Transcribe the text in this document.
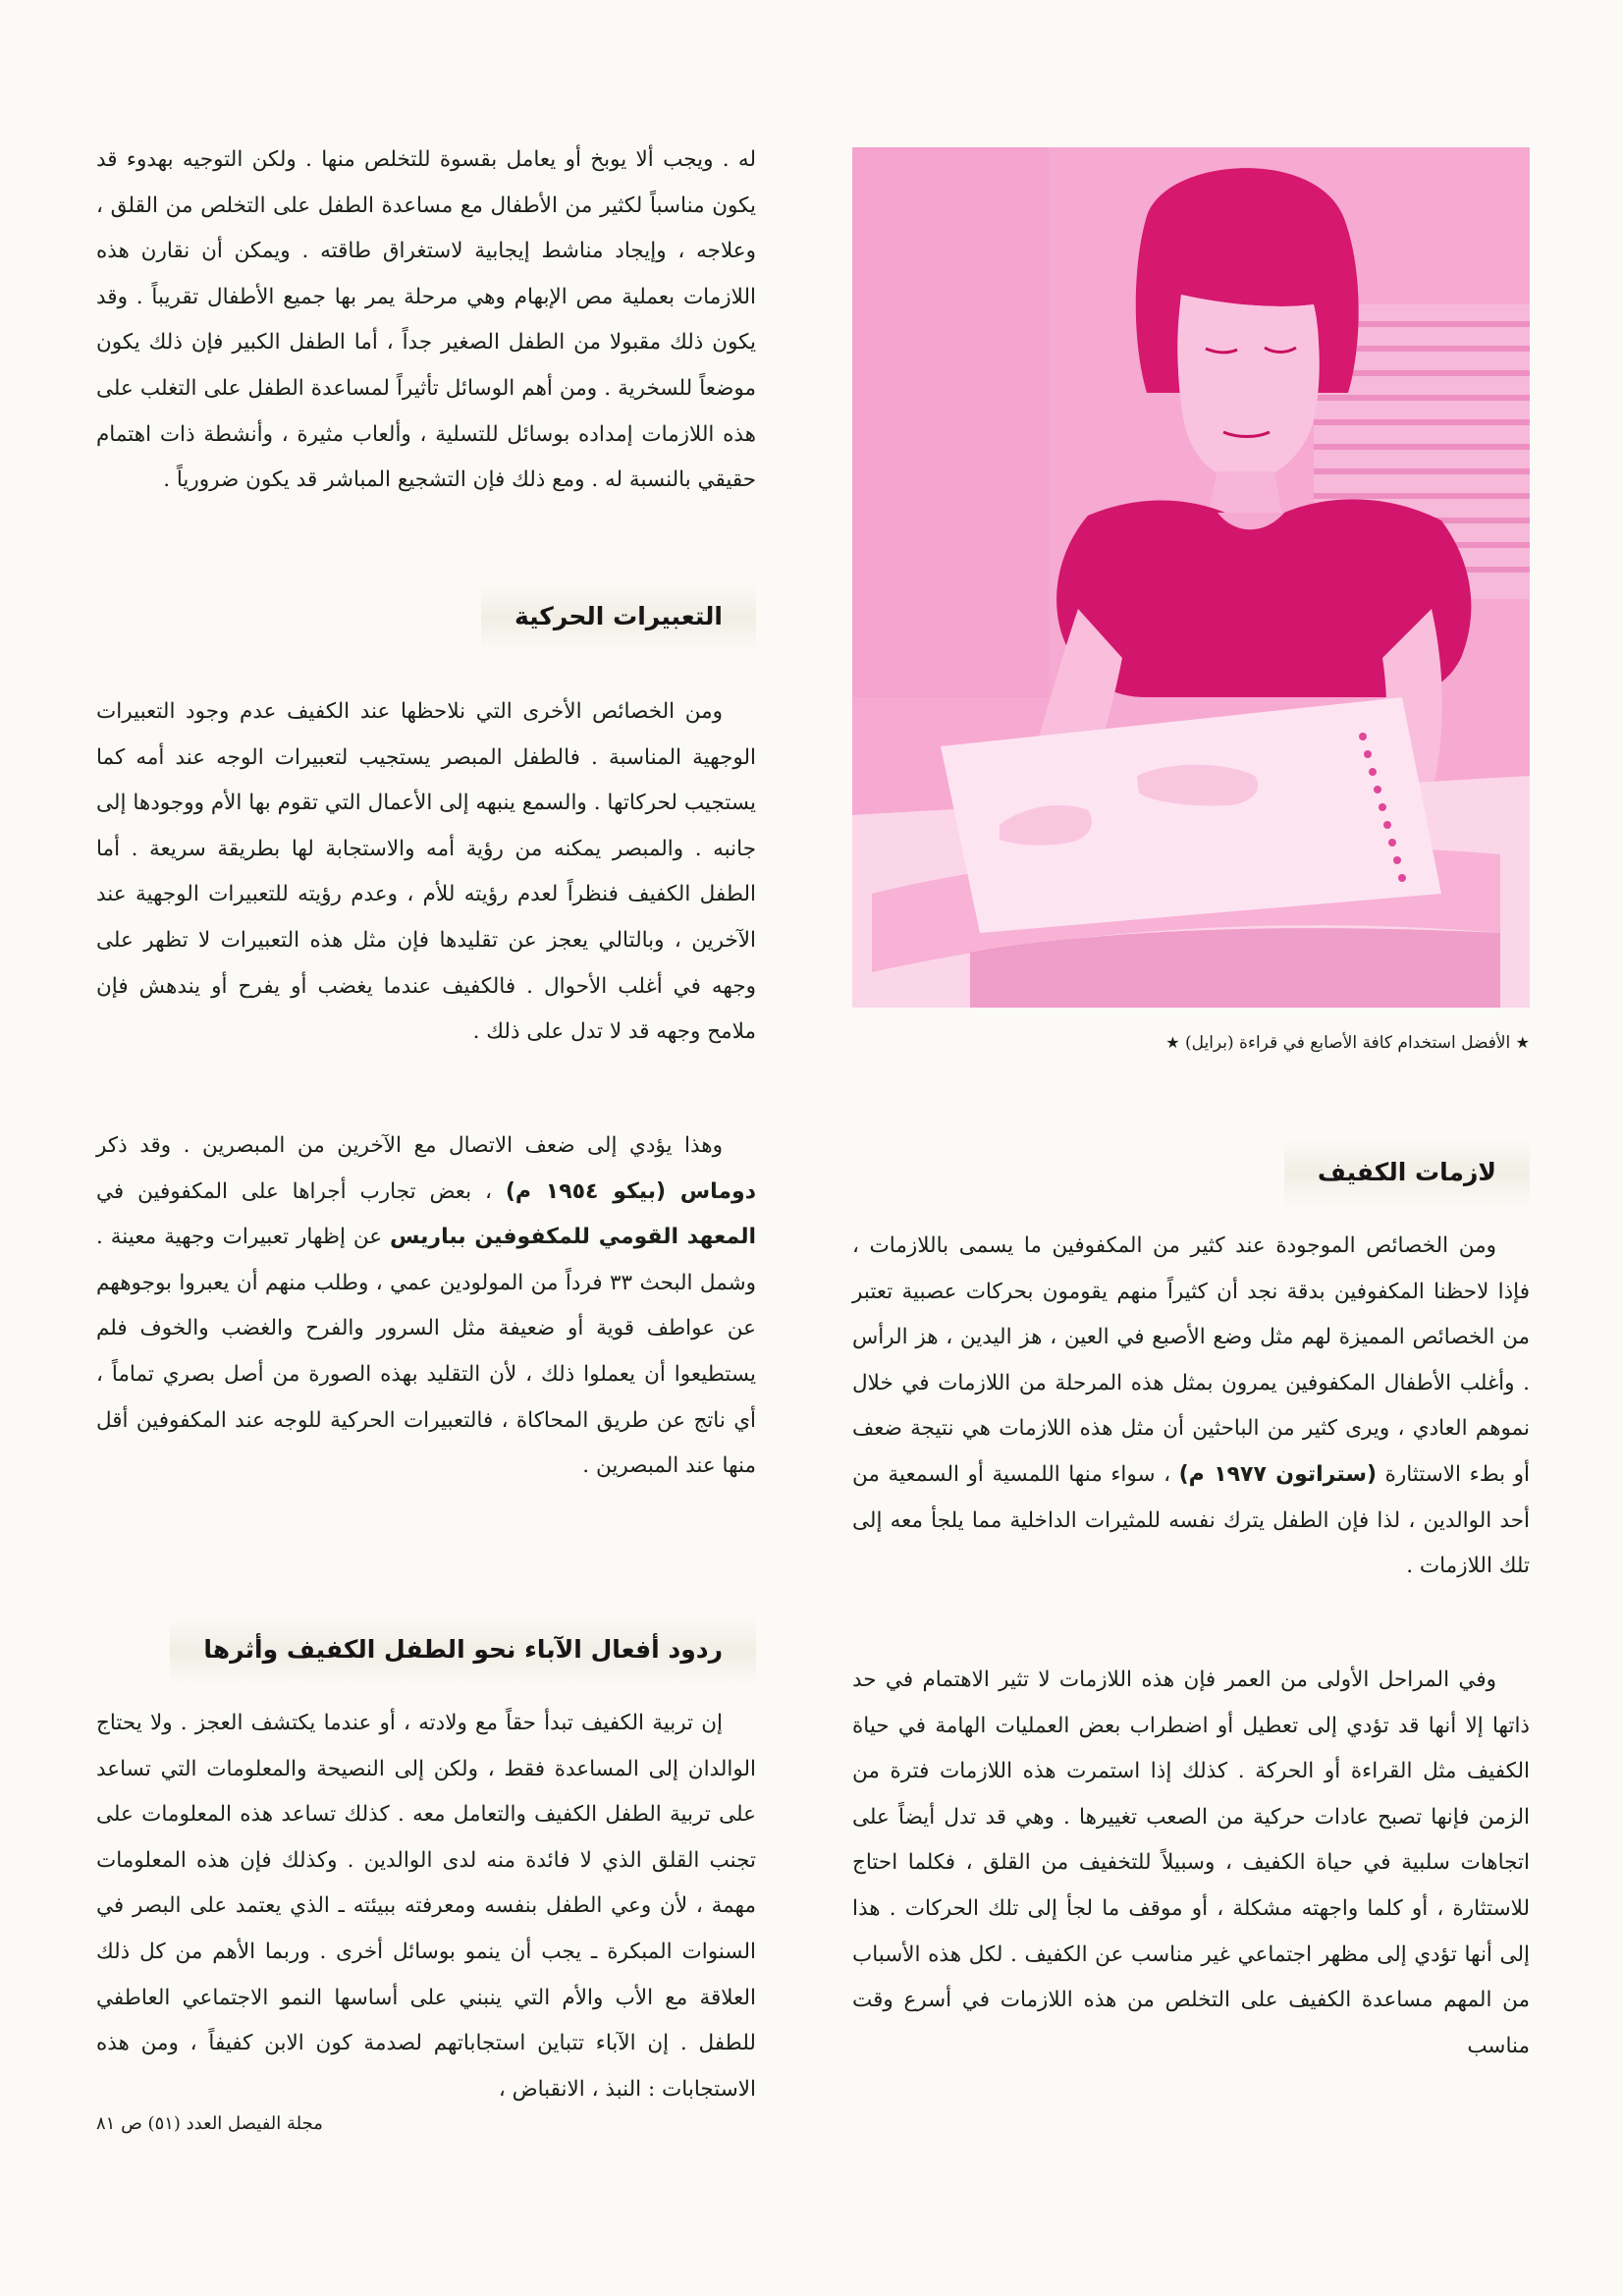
له . ويجب ألا يوبخ أو يعامل بقسوة للتخلص منها . ولكن التوجيه بهدوء قد يكون مناسباً لكثير من الأطفال مع مساعدة الطفل على التخلص من القلق ، وعلاجه ، وإيجاد مناشط إيجابية لاستغراق طاقته . ويمكن أن نقارن هذه اللازمات بعملية مص الإبهام وهي مرحلة يمر بها جميع الأطفال تقريباً . وقد يكون ذلك مقبولا من الطفل الصغير جداً ، أما الطفل الكبير فإن ذلك يكون موضعاً للسخرية . ومن أهم الوسائل تأثيراً لمساعدة الطفل على التغلب على هذه اللازمات إمداده بوسائل للتسلية ، وألعاب مثيرة ، وأنشطة ذات اهتمام حقيقي بالنسبة له . ومع ذلك فإن التشجيع المباشر قد يكون ضرورياً .

التعبيرات الحركية

ومن الخصائص الأخرى التي نلاحظها عند الكفيف عدم وجود التعبيرات الوجهية المناسبة . فالطفل المبصر يستجيب لتعبيرات الوجه عند أمه كما يستجيب لحركاتها . والسمع ينبهه إلى الأعمال التي تقوم بها الأم ووجودها إلى جانبه . والمبصر يمكنه من رؤية أمه والاستجابة لها بطريقة سريعة . أما الطفل الكفيف فنظراً لعدم رؤيته للأم ، وعدم رؤيته للتعبيرات الوجهية عند الآخرين ، وبالتالي يعجز عن تقليدها فإن مثل هذه التعبيرات لا تظهر على وجهه في أغلب الأحوال . فالكفيف عندما يغضب أو يفرح أو يندهش فإن ملامح وجهه قد لا تدل على ذلك .

وهذا يؤدي إلى ضعف الاتصال مع الآخرين من المبصرين . وقد ذكر دوماس (بيكو ١٩٥٤ م) ، بعض تجارب أجراها على المكفوفين في المعهد القومي للمكفوفين بباريس عن إظهار تعبيرات وجهية معينة . وشمل البحث ٣٣ فرداً من المولودين عمي ، وطلب منهم أن يعبروا بوجوههم عن عواطف قوية أو ضعيفة مثل السرور والفرح والغضب والخوف فلم يستطيعوا أن يعملوا ذلك ، لأن التقليد بهذه الصورة من أصل بصري تماماً ، أي ناتج عن طريق المحاكاة ، فالتعبيرات الحركية للوجه عند المكفوفين أقل منها عند المبصرين .

ردود أفعال الآباء نحو الطفل الكفيف وأثرها

إن تربية الكفيف تبدأ حقاً مع ولادته ، أو عندما يكتشف العجز . ولا يحتاج الوالدان إلى المساعدة فقط ، ولكن إلى النصيحة والمعلومات التي تساعد على تربية الطفل الكفيف والتعامل معه . كذلك تساعد هذه المعلومات على تجنب القلق الذي لا فائدة منه لدى الوالدين . وكذلك فإن هذه المعلومات مهمة ، لأن وعي الطفل بنفسه ومعرفته ببيئته ـ الذي يعتمد على البصر في السنوات المبكرة ـ يجب أن ينمو بوسائل أخرى . وربما الأهم من كل ذلك العلاقة مع الأب والأم التي ينبني على أساسها النمو الاجتماعي العاطفي للطفل . إن الآباء تتباين استجاباتهم لصدمة كون الابن كفيفاً ، ومن هذه الاستجابات : النبذ ، الانقباض ،

★ الأفضل استخدام كافة الأصابع في قراءة (برايل) ★
لازمات الكفيف

ومن الخصائص الموجودة عند كثير من المكفوفين ما يسمى باللازمات ، فإذا لاحظنا المكفوفين بدقة نجد أن كثيراً منهم يقومون بحركات عصبية تعتبر من الخصائص المميزة لهم مثل وضع الأصبع في العين ، هز اليدين ، هز الرأس . وأغلب الأطفال المكفوفين يمرون بمثل هذه المرحلة من اللازمات في خلال نموهم العادي ، ويرى كثير من الباحثين أن مثل هذه اللازمات هي نتيجة ضعف أو بطء الاستثارة (ستراتون ١٩٧٧ م) ، سواء منها اللمسية أو السمعية من أحد الوالدين ، لذا فإن الطفل يترك نفسه للمثيرات الداخلية مما يلجأ معه إلى تلك اللازمات .

وفي المراحل الأولى من العمر فإن هذه اللازمات لا تثير الاهتمام في حد ذاتها إلا أنها قد تؤدي إلى تعطيل أو اضطراب بعض العمليات الهامة في حياة الكفيف مثل القراءة أو الحركة . كذلك إذا استمرت هذه اللازمات فترة من الزمن فإنها تصبح عادات حركية من الصعب تغييرها . وهي قد تدل أيضاً على اتجاهات سلبية في حياة الكفيف ، وسبيلاً للتخفيف من القلق ، فكلما احتاج للاستثارة ، أو كلما واجهته مشكلة ، أو موقف ما لجأ إلى تلك الحركات . هذا إلى أنها تؤدي إلى مظهر اجتماعي غير مناسب عن الكفيف . لكل هذه الأسباب من المهم مساعدة الكفيف على التخلص من هذه اللازمات في أسرع وقت مناسب

مجلة الفيصل العدد (٥١) ص ٨١
